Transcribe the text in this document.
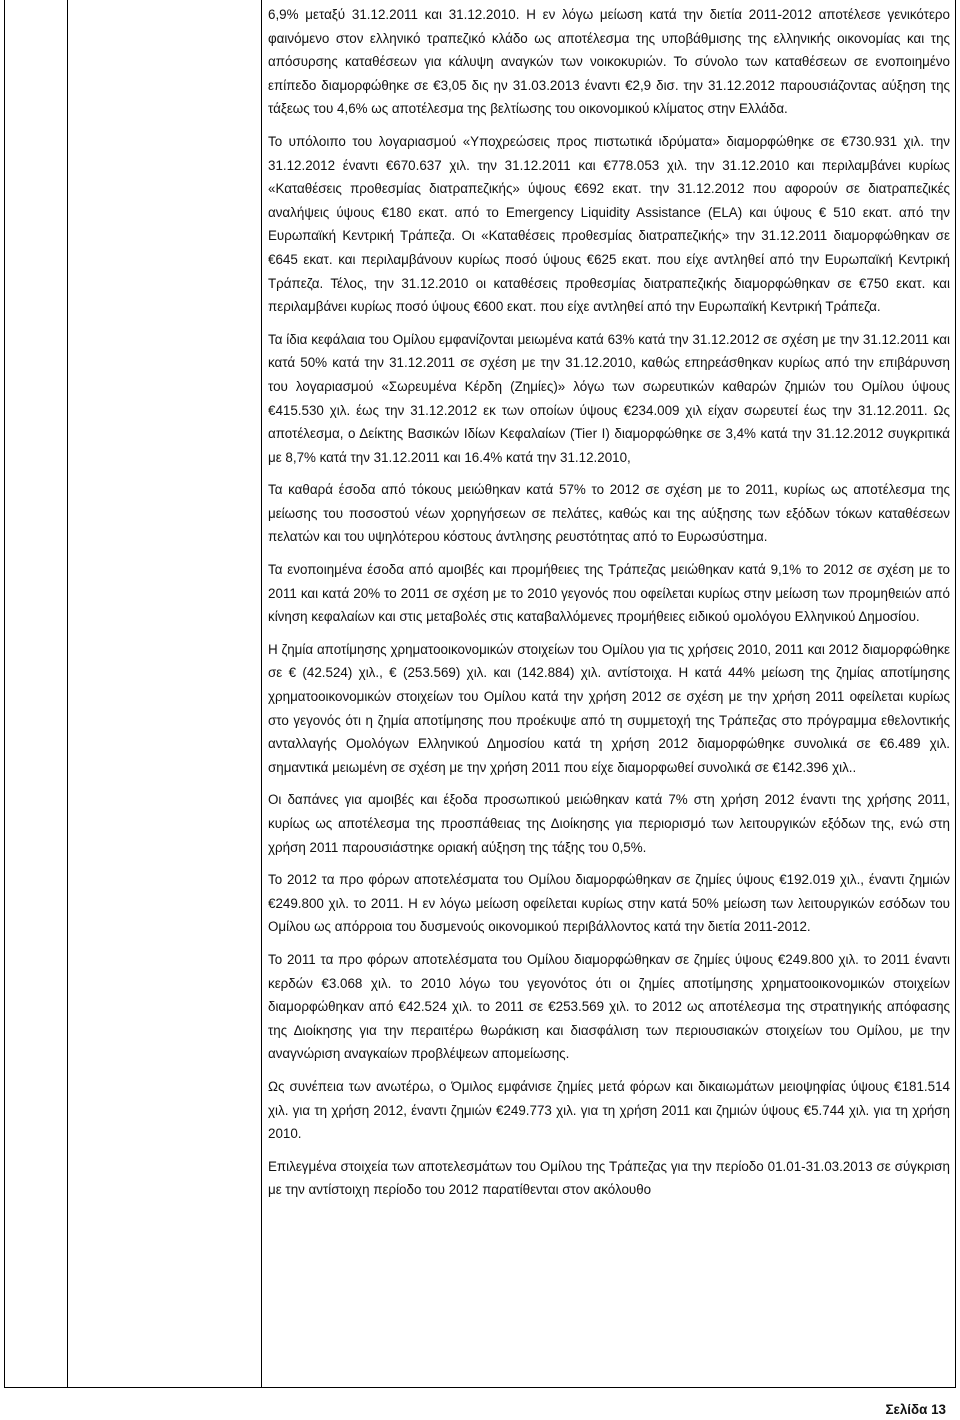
6,9% μεταξύ 31.12.2011 και 31.12.2010. Η εν λόγω μείωση κατά την διετία 2011-2012 αποτέλεσε γενικότερο φαινόμενο στον ελληνικό τραπεζικό κλάδο ως αποτέλεσμα της υποβάθμισης της ελληνικής οικονομίας και της απόσυρσης καταθέσεων για κάλυψη αναγκών των νοικοκυριών. Το σύνολο των καταθέσεων σε ενοποιημένο επίπεδο διαμορφώθηκε σε €3,05 δις ην 31.03.2013 έναντι €2,9 δισ. την 31.12.2012 παρουσιάζοντας αύξηση της τάξεως του 4,6% ως αποτέλεσμα της βελτίωσης του οικονομικού κλίματος στην Ελλάδα.

Το υπόλοιπο του λογαριασμού «Υποχρεώσεις προς πιστωτικά ιδρύματα» διαμορφώθηκε σε €730.931 χιλ. την 31.12.2012 έναντι €670.637 χιλ. την 31.12.2011 και €778.053 χιλ. την 31.12.2010 και περιλαμβάνει κυρίως «Καταθέσεις προθεσμίας διατραπεζικής» ύψους €692 εκατ. την 31.12.2012 που αφορούν σε διατραπεζικές αναλήψεις ύψους €180 εκατ. από το Emergency Liquidity Assistance (ELA) και ύψους € 510 εκατ. από την Ευρωπαϊκή Κεντρική Τράπεζα. Οι «Καταθέσεις προθεσμίας διατραπεζικής» την 31.12.2011 διαμορφώθηκαν σε €645 εκατ. και περιλαμβάνουν κυρίως ποσό ύψους €625 εκατ. που είχε αντληθεί από την Ευρωπαϊκή Κεντρική Τράπεζα. Τέλος, την 31.12.2010 οι καταθέσεις προθεσμίας διατραπεζικής διαμορφώθηκαν σε €750 εκατ. και περιλαμβάνει κυρίως ποσό ύψους €600 εκατ. που είχε αντληθεί από την Ευρωπαϊκή Κεντρική Τράπεζα.

Τα ίδια κεφάλαια του Ομίλου εμφανίζονται μειωμένα κατά 63% κατά την 31.12.2012 σε σχέση με την 31.12.2011 και κατά 50% κατά την 31.12.2011 σε σχέση με την 31.12.2010, καθώς επηρεάσθηκαν κυρίως από την επιβάρυνση του λογαριασμού «Σωρευμένα Κέρδη (Ζημίες)» λόγω των σωρευτικών καθαρών ζημιών του Ομίλου ύψους €415.530 χιλ. έως την 31.12.2012 εκ των οποίων ύψους €234.009 χιλ είχαν σωρευτεί έως την 31.12.2011. Ως αποτέλεσμα, ο Δείκτης Βασικών Ιδίων Κεφαλαίων (Tier I) διαμορφώθηκε σε 3,4% κατά την 31.12.2012 συγκριτικά με 8,7% κατά την 31.12.2011 και 16.4% κατά την 31.12.2010,

Τα καθαρά έσοδα από τόκους μειώθηκαν κατά 57% το 2012 σε σχέση με το 2011, κυρίως ως αποτέλεσμα της μείωσης του ποσοστού νέων χορηγήσεων σε πελάτες, καθώς και της αύξησης των εξόδων τόκων καταθέσεων πελατών και του υψηλότερου κόστους άντλησης ρευστότητας από το Ευρωσύστημα.

Τα ενοποιημένα έσοδα από αμοιβές και προμήθειες της Τράπεζας μειώθηκαν κατά 9,1% το 2012 σε σχέση με το 2011 και κατά 20% το 2011 σε σχέση με το 2010 γεγονός που οφείλεται κυρίως στην μείωση των προμηθειών από κίνηση κεφαλαίων και στις μεταβολές στις καταβαλλόμενες προμήθειες ειδικού ομολόγου Ελληνικού Δημοσίου.

Η ζημία αποτίμησης χρηματοοικονομικών στοιχείων του Ομίλου για τις χρήσεις 2010, 2011 και 2012 διαμορφώθηκε σε € (42.524) χιλ., € (253.569) χιλ. και (142.884) χιλ. αντίστοιχα. Η κατά 44% μείωση της ζημίας αποτίμησης χρηματοοικονομικών στοιχείων του Ομίλου κατά την χρήση 2012 σε σχέση με την χρήση 2011 οφείλεται κυρίως στο γεγονός ότι η ζημία αποτίμησης που προέκυψε από τη συμμετοχή της Τράπεζας στο πρόγραμμα εθελοντικής ανταλλαγής Ομολόγων Ελληνικού Δημοσίου κατά τη χρήση 2012 διαμορφώθηκε συνολικά σε €6.489 χιλ. σημαντικά μειωμένη σε σχέση με την χρήση 2011 που είχε διαμορφωθεί συνολικά σε €142.396 χιλ..

Οι δαπάνες για αμοιβές και έξοδα προσωπικού μειώθηκαν κατά 7% στη χρήση 2012 έναντι της χρήσης 2011, κυρίως ως αποτέλεσμα της προσπάθειας της Διοίκησης για περιορισμό των λειτουργικών εξόδων της, ενώ στη χρήση 2011 παρουσιάστηκε οριακή αύξηση της τάξης του 0,5%.

Το 2012 τα προ φόρων αποτελέσματα του Ομίλου διαμορφώθηκαν σε ζημίες ύψους €192.019 χιλ., έναντι ζημιών €249.800 χιλ. το 2011. Η εν λόγω μείωση οφείλεται κυρίως στην κατά 50% μείωση των λειτουργικών εσόδων του Ομίλου ως απόρροια του δυσμενούς οικονομικού περιβάλλοντος κατά την διετία 2011-2012.

Το 2011 τα προ φόρων αποτελέσματα του Ομίλου διαμορφώθηκαν σε ζημίες ύψους €249.800 χιλ. το 2011 έναντι κερδών €3.068 χιλ. το 2010 λόγω του γεγονότος ότι οι ζημίες αποτίμησης χρηματοοικονομικών στοιχείων διαμορφώθηκαν από €42.524 χιλ. το 2011 σε €253.569 χιλ. το 2012 ως αποτέλεσμα της στρατηγικής απόφασης της Διοίκησης για την περαιτέρω θωράκιση και διασφάλιση των περιουσιακών στοιχείων του Ομίλου, με την αναγνώριση αναγκαίων προβλέψεων απομείωσης.

Ως συνέπεια των ανωτέρω, ο Όμιλος εμφάνισε ζημίες μετά φόρων και δικαιωμάτων μειοψηφίας ύψους €181.514 χιλ. για τη χρήση 2012, έναντι ζημιών €249.773 χιλ. για τη χρήση 2011 και ζημιών ύψους €5.744 χιλ. για τη χρήση 2010.

Επιλεγμένα στοιχεία των αποτελεσμάτων του Ομίλου της Τράπεζας για την περίοδο 01.01-31.03.2013 σε σύγκριση με την αντίστοιχη περίοδο του 2012 παρατίθενται στον ακόλουθο

Σελίδα 13
